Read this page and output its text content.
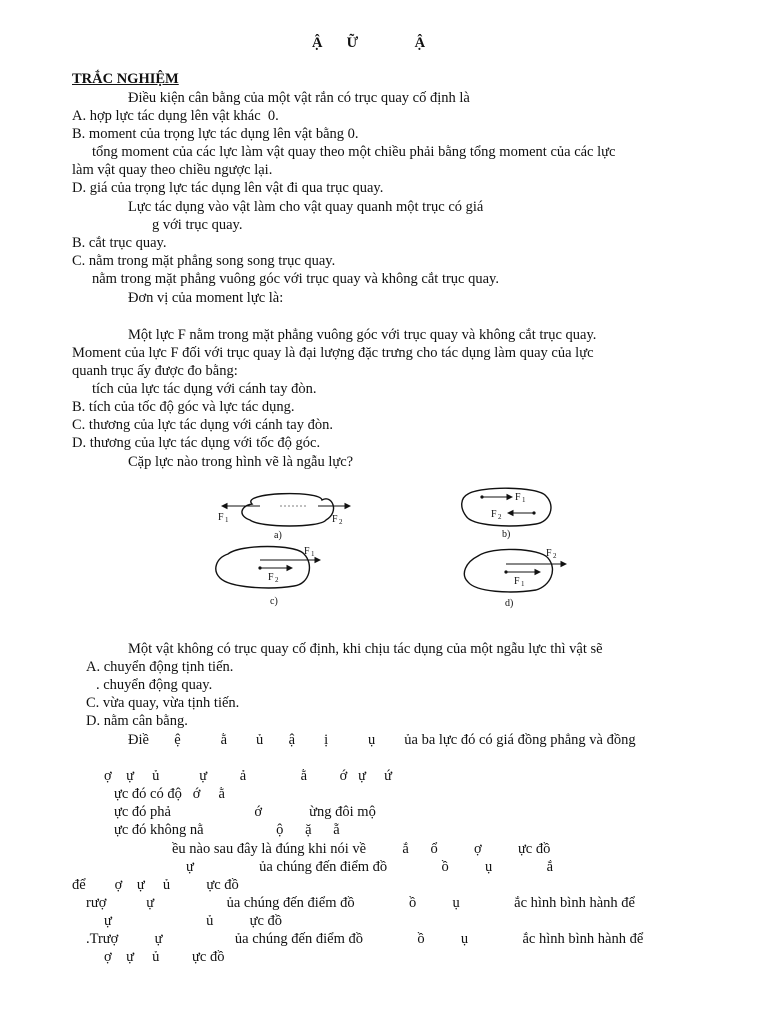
Ậ     Ữ            Ậ
TRẮC NGHIỆM
Điều kiện cân bằng của một vật rắn có trục quay cố định là
A. hợp lực tác dụng lên vật khác  0.
B. moment của trọng lực tác dụng lên vật bằng 0.
tổng moment của các lực làm vật quay theo một chiều phải bằng tổng moment của các lực
làm vật quay theo chiều ngược lại.
D. giá của trọng lực tác dụng lên vật đi qua trục quay.
Lực tác dụng vào vật làm cho vật quay quanh một trục có giá
g với trục quay.
B. cắt trục quay.
C. nằm trong mặt phẳng song song trục quay.
nằm trong mặt phẳng vuông góc với trục quay và không cắt trục quay.
Đơn vị của moment lực là:
Một lực F nằm trong mặt phẳng vuông góc với trục quay và không cắt trục quay.
Moment của lực F đối với trục quay là đại lượng đặc trưng cho tác dụng làm quay của lực
quanh trục ấy được đo bằng:
tích của lực tác dụng với cánh tay đòn.
B. tích của tốc độ góc và lực tác dụng.
C. thương của lực tác dụng với cánh tay đòn.
D. thương của lực tác dụng với tốc độ góc.
Cặp lực nào trong hình vẽ là ngẫu lực?
F 1	F 2
a)
F 1
F 2
b)
F 1
F 2
c)
F 2
F 1
d)
Một vật không có trục quay cố định, khi chịu tác dụng của một ngẫu lực thì vật sẽ
A. chuyển động tịnh tiến.
. chuyển động quay.
C. vừa quay, vừa tịnh tiến.
D. nằm cân bằng.
Điề       ệ           ằ        ủ       ậ        ị           ụ        ủa ba lực đó có giá đồng phẳng và đồng
ợ    ự     ủ           ự         ả               ằ         ớ   ự     ứ
ực đó có độ   ớ     ằ
ực đó phả                       ớ             ừng đôi mộ
ực đó không nằ                    ộ      ặ      ẵ
ều nào sau đây là đúng khi nói về          ắ      ổ          ợ          ực đồ
ự                  ủa chúng đến điểm đồ               ồ          ụ               ắ
để        ợ    ự     ủ          ực đồ
rượ           ự                    ủa chúng đến điểm đồ               ồ          ụ               ắc hình bình hành để
ự                          ủ          ực đồ
.Trượ          ự                    ủa chúng đến điểm đồ               ồ          ụ               ắc hình bình hành để
ợ    ự     ủ         ực đồ
